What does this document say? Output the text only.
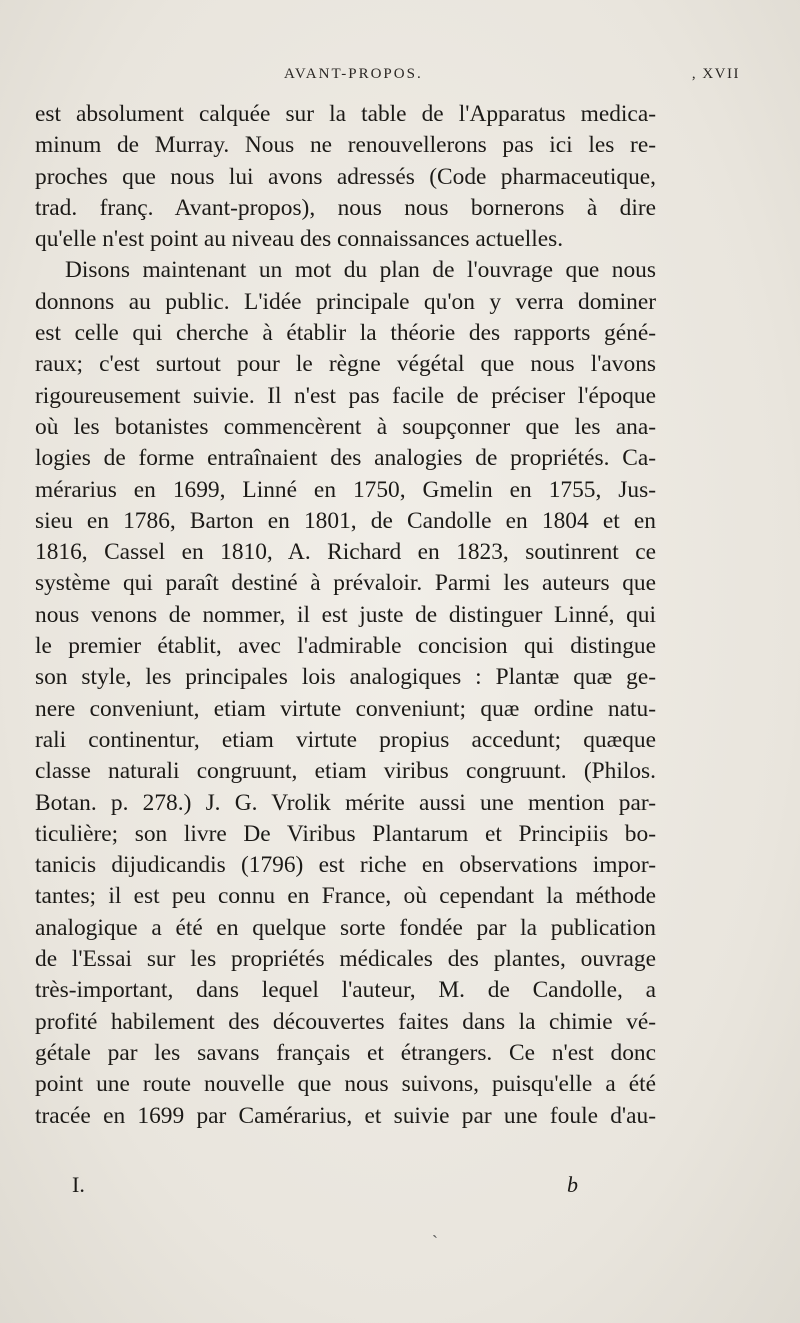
AVANT-PROPOS.	, XVII
est absolument calquée sur la table de l'Apparatus medica-
minum de Murray. Nous ne renouvellerons pas ici les re-
proches que nous lui avons adressés (Code pharmaceutique,
trad. franç. Avant-propos), nous nous bornerons à dire
qu'elle n'est point au niveau des connaissances actuelles.
Disons maintenant un mot du plan de l'ouvrage que nous
donnons au public. L'idée principale qu'on y verra dominer
est celle qui cherche à établir la théorie des rapports géné-
raux; c'est surtout pour le règne végétal que nous l'avons
rigoureusement suivie. Il n'est pas facile de préciser l'époque
où les botanistes commencèrent à soupçonner que les ana-
logies de forme entraînaient des analogies de propriétés. Ca-
mérarius en 1699, Linné en 1750, Gmelin en 1755, Jus-
sieu en 1786, Barton en 1801, de Candolle en 1804 et en
1816, Cassel en 1810, A. Richard en 1823, soutinrent ce
système qui paraît destiné à prévaloir. Parmi les auteurs que
nous venons de nommer, il est juste de distinguer Linné, qui
le premier établit, avec l'admirable concision qui distingue
son style, les principales lois analogiques : Plantæ quæ ge-
nere conveniunt, etiam virtute conveniunt; quæ ordine natu-
rali continentur, etiam virtute propius accedunt; quæque
classe naturali congruunt, etiam viribus congruunt. (Philos.
Botan. p. 278.) J. G. Vrolik mérite aussi une mention par-
ticulière; son livre De Viribus Plantarum et Principiis bo-
tanicis dijudicandis (1796) est riche en observations impor-
tantes; il est peu connu en France, où cependant la méthode
analogique a été en quelque sorte fondée par la publication
de l'Essai sur les propriétés médicales des plantes, ouvrage
très-important, dans lequel l'auteur, M. de Candolle, a
profité habilement des découvertes faites dans la chimie vé-
gétale par les savans français et étrangers. Ce n'est donc
point une route nouvelle que nous suivons, puisqu'elle a été
tracée en 1699 par Camérarius, et suivie par une foule d'au-
I.	b
ˎ
